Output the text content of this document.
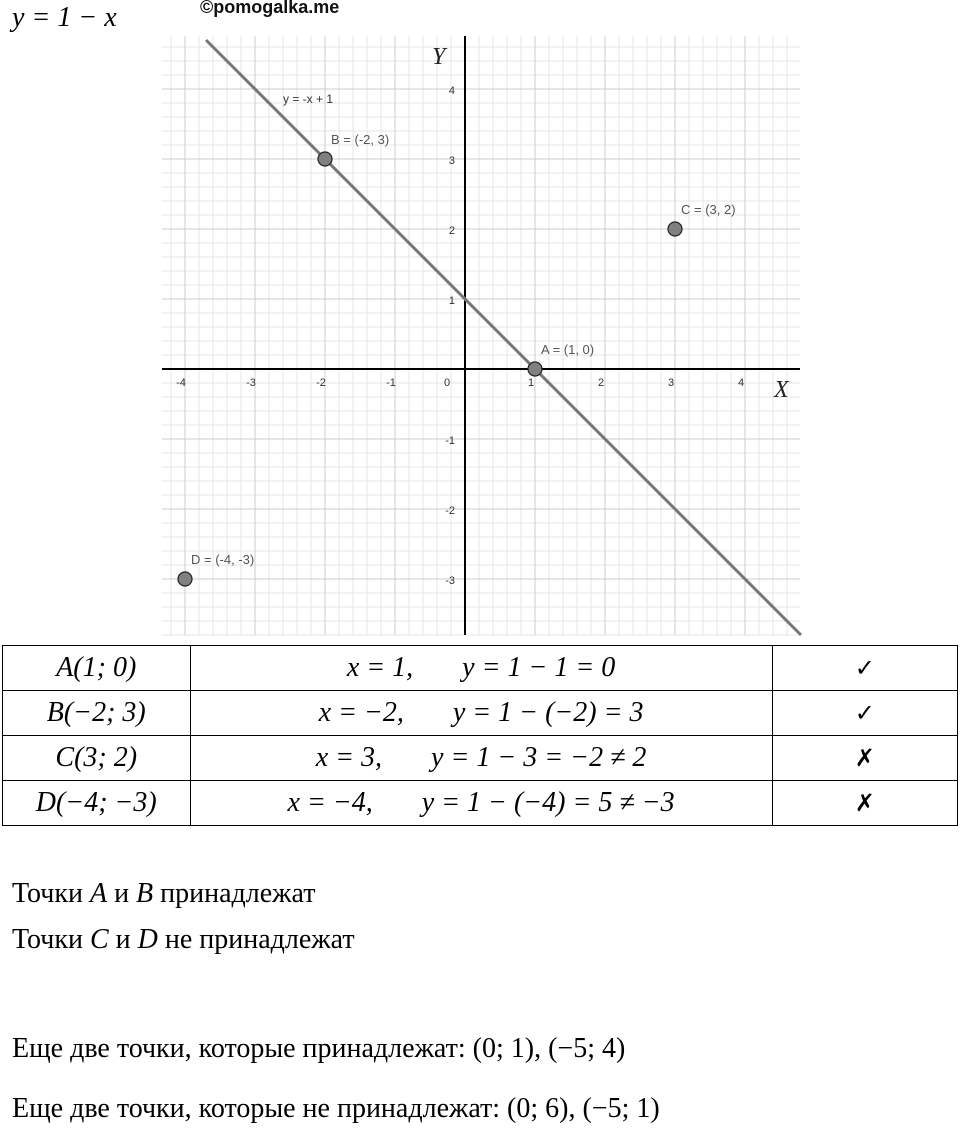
y = 1 − x	©pomogalka.me
X
Y
-4	-3	-2	-1	0	1	2	3	4
-3
-2
-1
1
2
3
4
y = -x + 1
A = (1, 0)
B = (-2, 3)
C = (3, 2)
D = (-4, -3)
A(1; 0)	x = 1,       y = 1 − 1 = 0	✓
B(−2; 3)	x = −2,       y = 1 − (−2) = 3	✓
C(3; 2)	x = 3,       y = 1 − 3 = −2 ≠ 2	✗
D(−4; −3)	x = −4,       y = 1 − (−4) = 5 ≠ −3	✗
Точки A и B принадлежат
Точки C и D не принадлежат
Еще две точки, которые принадлежат: (0; 1), (−5; 4)
Еще две точки, которые не принадлежат: (0; 6), (−5; 1)
